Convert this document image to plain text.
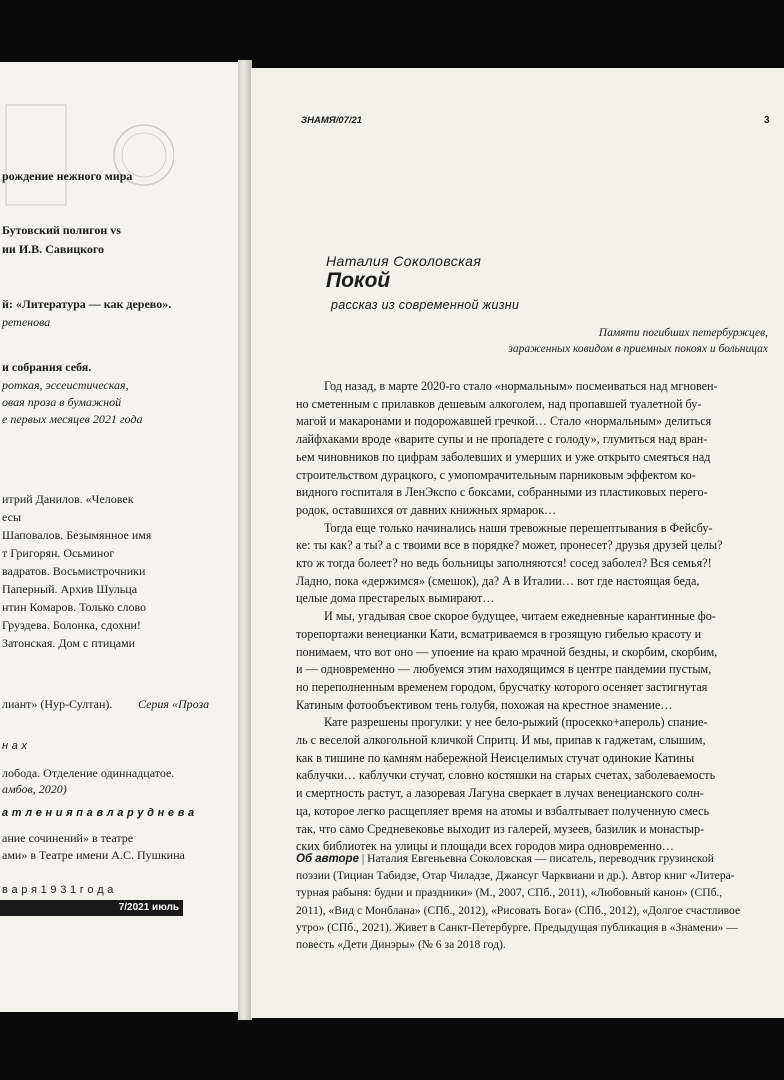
рождение нежного мира
Бутовский полигон vs
ии И.В. Савицкого
й: «Литература — как дерево».
ретенова
и собрания себя.
роткая, эссеистическая,
овая проза в бумажной
е первых месяцев 2021 года
итрий Данилов. «Человек
есы
Шаповалов. Безымянное имя
т Григорян. Осьминог
вадратов. Восьмистрочники
Паперный. Архив Шульца
нтин Комаров. Только слово
Груздева. Болонка, сдохни!
Затонская. Дом с птицами
лиант» (Нур-Султан). Серия «Проза
н а х
лобода. Отделение одиннадцатое.
амбов, 2020)
а т л е н и я п а в л а р у д н е в а
ание сочинений» в театре
ами» в Театре имени А.С. Пушкина
в а р я 1 9 3 1 г о д а
7/2021 июль
ЗНАМЯ/07/21	3
Наталия Соколовская
Покой
рассказ из современной жизни
Памяти погибших петербуржцев,
зараженных ковидом в приемных покоях и больницах
Год назад, в марте 2020-го стало «нормальным» посмеиваться над мгновен-
но сметенным с прилавков дешевым алкоголем, над пропавшей туалетной бу-
магой и макаронами и подорожавшей гречкой… Стало «нормальным» делиться
лайфхаками вроде «варите супы и не пропадете с голоду», глумиться над вран-
ьем чиновников по цифрам заболевших и умерших и уже открыто смеяться над
строительством дурацкого, с умопомрачительным парниковым эффектом ко-
видного госпиталя в ЛенЭкспо с боксами, собранными из пластиковых перего-
родок, оставшихся от давних книжных ярмарок…
Тогда еще только начинались наши тревожные перешептывания в Фейсбу-
ке: ты как? а ты? а с твоими все в порядке? может, пронесет? друзья друзей целы?
кто ж тогда болеет? но ведь больницы заполняются! сосед заболел? Вся семья?!
Ладно, пока «держимся» (смешок), да? А в Италии… вот где настоящая беда,
целые дома престарелых вымирают…
И мы, угадывая свое скорое будущее, читаем ежедневные карантинные фо-
торепортажи венецианки Кати, всматриваемся в грозящую гибелью красоту и
понимаем, что вот оно — упоение на краю мрачной бездны, и скорбим, скорбим,
и — одновременно — любуемся этим находящимся в центре пандемии пустым,
но переполненным временем городом, брусчатку которого осеняет застигнутая
Катиным фотообъективом тень голубя, похожая на крестное знамение…
Кате разрешены прогулки: у нее бело-рыжий (просекко+апероль) спание-
ль с веселой алкогольной кличкой Спритц. И мы, припав к гаджетам, слышим,
как в тишине по камням набережной Неисцелимых стучат одинокие Катины
каблучки… каблучки стучат, словно костяшки на старых счетах, заболеваемость
и смертность растут, а лазоревая Лагуна сверкает в лучах венецианского солн-
ца, которое легко расщепляет время на атомы и взбалтывает полученную смесь
так, что само Средневековье выходит из галерей, музеев, базилик и монастыр-
ских библиотек на улицы и площади всех городов мира одновременно…
Об авторе | Наталия Евгеньевна Соколовская — писатель, переводчик грузинской
поэзии (Тициан Табидзе, Отар Чиладзе, Джансуг Чарквиани и др.). Автор книг «Литера-
турная рабыня: будни и праздники» (М., 2007, СПб., 2011), «Любовный канон» (СПб.,
2011), «Вид с Монблана» (СПб., 2012), «Рисовать Бога» (СПб., 2012), «Долгое счастливое
утро» (СПб., 2021). Живет в Санкт-Петербурге. Предыдущая публикация в «Знамени» —
повесть «Дети Динэры» (№ 6 за 2018 год).
